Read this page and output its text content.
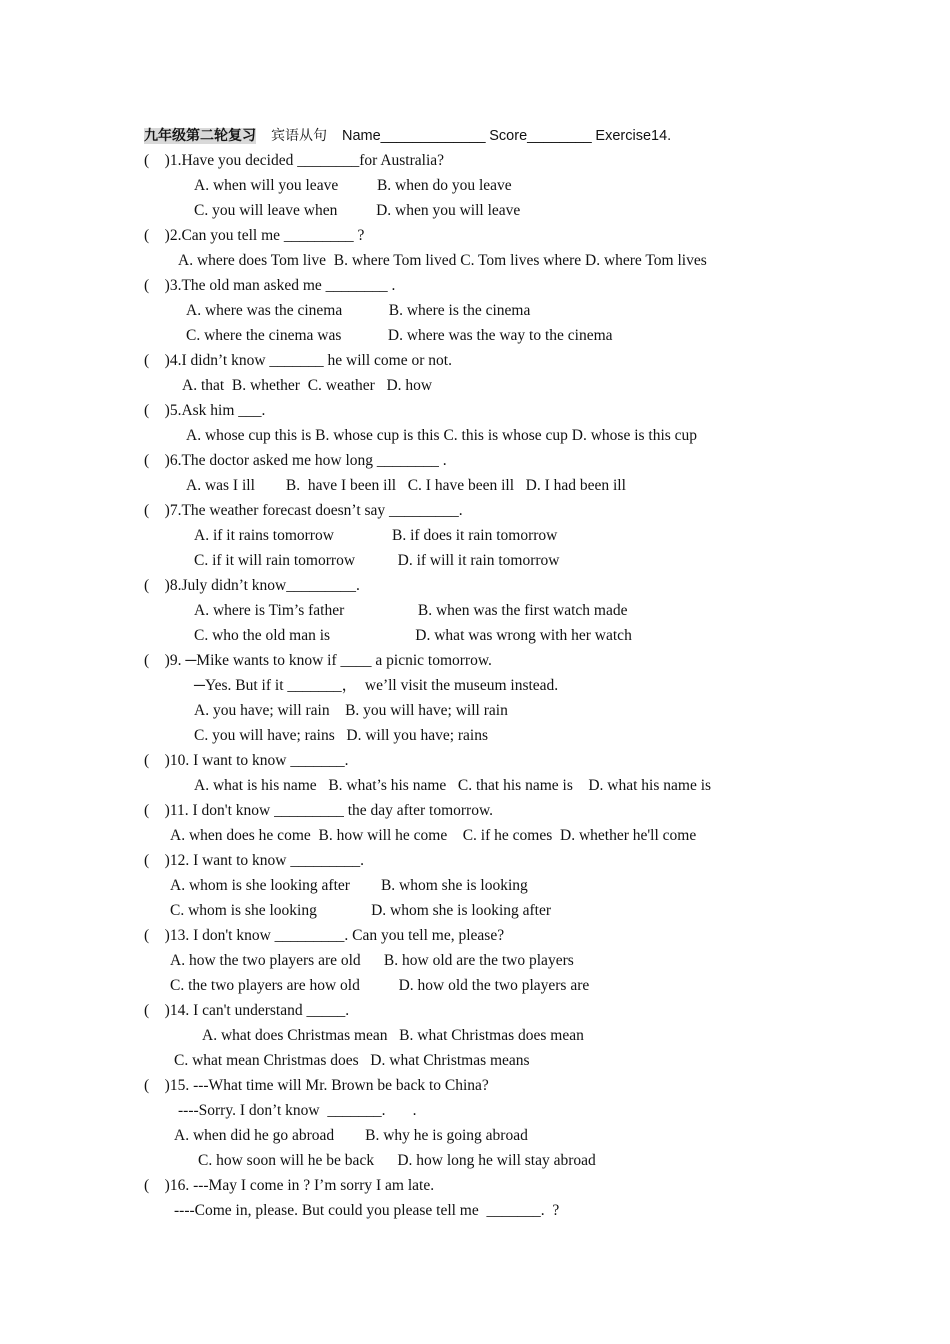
九年级第二轮复习 宾语从句 Name_____________ Score________ Exercise14.
(    )1.Have you decided ________for Australia?
A. when will you leave          B. when do you leave
C. you will leave when          D. when you will leave
(    )2.Can you tell me _________ ?
A. where does Tom live  B. where Tom lived C. Tom lives where D. where Tom lives
(    )3.The old man asked me ________ .
A. where was the cinema            B. where is the cinema
C. where the cinema was            D. where was the way to the cinema
(    )4.I didn’t know _______ he will come or not.
A. that  B. whether  C. weather   D. how
(    )5.Ask him ___.
A. whose cup this is B. whose cup is this C. this is whose cup D. whose is this cup
(    )6.The doctor asked me how long ________ .
A. was I ill        B.  have I been ill   C. I have been ill   D. I had been ill
(    )7.The weather forecast doesn’t say _________.
A. if it rains tomorrow               B. if does it rain tomorrow
C. if it will rain tomorrow           D. if will it rain tomorrow
(    )8.July didn’t know_________.
A. where is Tim’s father                   B. when was the first watch made
C. who the old man is                      D. what was wrong with her watch
(    )9. ─Mike wants to know if ____ a picnic tomorrow.
─Yes. But if it _______，  we’ll visit the museum instead.
A. you have; will rain    B. you will have; will rain
C. you will have; rains   D. will you have; rains
(    )10. I want to know _______.
A. what is his name   B. what’s his name   C. that his name is    D. what his name is
(    )11. I don't know _________ the day after tomorrow.
A. when does he come  B. how will he come    C. if he comes  D. whether he'll come
(    )12. I want to know _________.
A. whom is she looking after        B. whom she is looking
C. whom is she looking              D. whom she is looking after
(    )13. I don't know _________. Can you tell me, please?
A. how the two players are old      B. how old are the two players
C. the two players are how old          D. how old the two players are
(    )14. I can't understand _____.
A. what does Christmas mean   B. what Christmas does mean
C. what mean Christmas does   D. what Christmas means
(    )15. ---What time will Mr. Brown be back to China?
----Sorry. I don’t know  _______.       .
A. when did he go abroad        B. why he is going abroad
C. how soon will he be back      D. how long he will stay abroad
(    )16. ---May I come in ? I’m sorry I am late.
----Come in, please. But could you please tell me  _______.  ?
